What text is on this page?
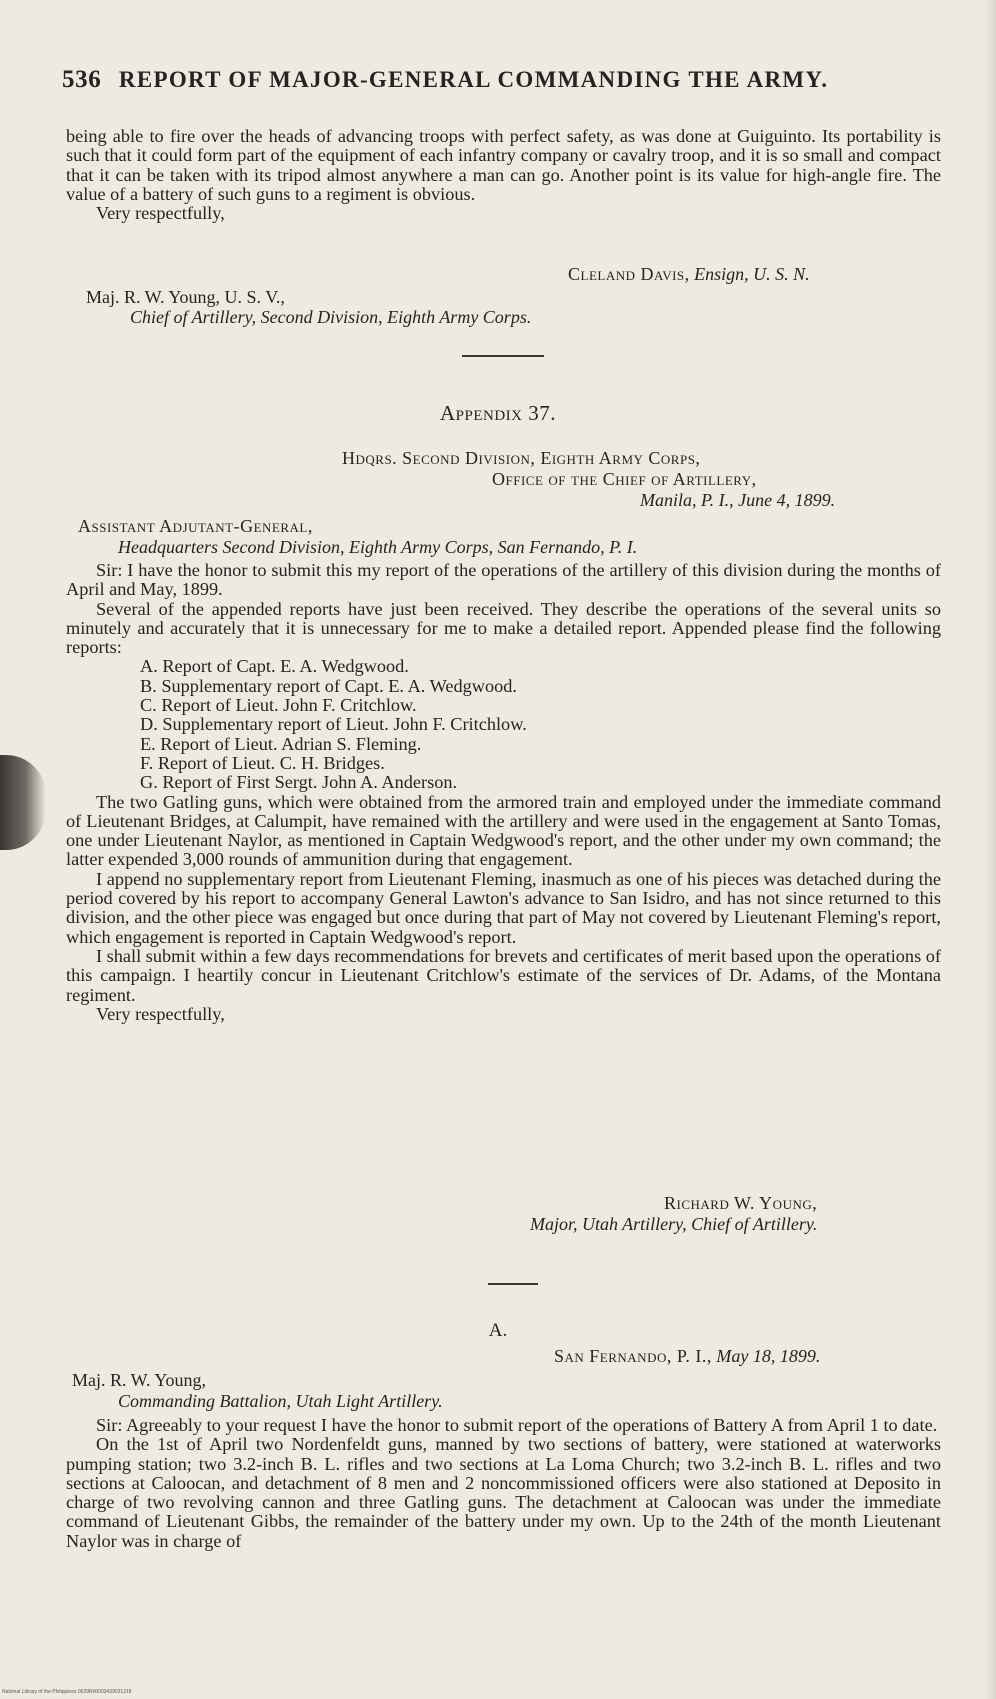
536 REPORT OF MAJOR-GENERAL COMMANDING THE ARMY.

being able to fire over the heads of advancing troops with perfect safety, as was done at Guiguinto. Its portability is such that it could form part of the equipment of each infantry company or cavalry troop, and it is so small and compact that it can be taken with its tripod almost anywhere a man can go. Another point is its value for high-angle fire. The value of a battery of such guns to a regiment is obvious.

Very respectfully,

Cleland Davis, Ensign, U. S. N.
Maj. R. W. Young, U. S. V.,
Chief of Artillery, Second Division, Eighth Army Corps.
Appendix 37.
Hdqrs. Second Division, Eighth Army Corps,
Office of the Chief of Artillery,
Manila, P. I., June 4, 1899.
Assistant Adjutant-General,
Headquarters Second Division, Eighth Army Corps, San Fernando, P. I.

Sir: I have the honor to submit this my report of the operations of the artillery of this division during the months of April and May, 1899.

Several of the appended reports have just been received. They describe the operations of the several units so minutely and accurately that it is unnecessary for me to make a detailed report. Appended please find the following reports:

A. Report of Capt. E. A. Wedgwood.
B. Supplementary report of Capt. E. A. Wedgwood.
C. Report of Lieut. John F. Critchlow.
D. Supplementary report of Lieut. John F. Critchlow.
E. Report of Lieut. Adrian S. Fleming.
F. Report of Lieut. C. H. Bridges.
G. Report of First Sergt. John A. Anderson.

The two Gatling guns, which were obtained from the armored train and employed under the immediate command of Lieutenant Bridges, at Calumpit, have remained with the artillery and were used in the engagement at Santo Tomas, one under Lieutenant Naylor, as mentioned in Captain Wedgwood's report, and the other under my own command; the latter expended 3,000 rounds of ammunition during that engagement.

I append no supplementary report from Lieutenant Fleming, inasmuch as one of his pieces was detached during the period covered by his report to accompany General Lawton's advance to San Isidro, and has not since returned to this division, and the other piece was engaged but once during that part of May not covered by Lieutenant Fleming's report, which engagement is reported in Captain Wedgwood's report.

I shall submit within a few days recommendations for brevets and certificates of merit based upon the operations of this campaign. I heartily concur in Lieutenant Critchlow's estimate of the services of Dr. Adams, of the Montana regiment.

Very respectfully,

Richard W. Young,
Major, Utah Artillery, Chief of Artillery.
A.
San Fernando, P. I., May 18, 1899.
Maj. R. W. Young,
Commanding Battalion, Utah Light Artillery.

Sir: Agreeably to your request I have the honor to submit report of the operations of Battery A from April 1 to date.

On the 1st of April two Nordenfeldt guns, manned by two sections of battery, were stationed at waterworks pumping station; two 3.2-inch B. L. rifles and two sections at La Loma Church; two 3.2-inch B. L. rifles and two sections at Caloocan, and detachment of 8 men and 2 noncommissioned officers were also stationed at Deposito in charge of two revolving cannon and three Gatling guns. The detachment at Caloocan was under the immediate command of Lieutenant Gibbs, the remainder of the battery under my own. Up to the 24th of the month Lieutenant Naylor was in charge of

National Library of the Philippines 0029R00003439031218
